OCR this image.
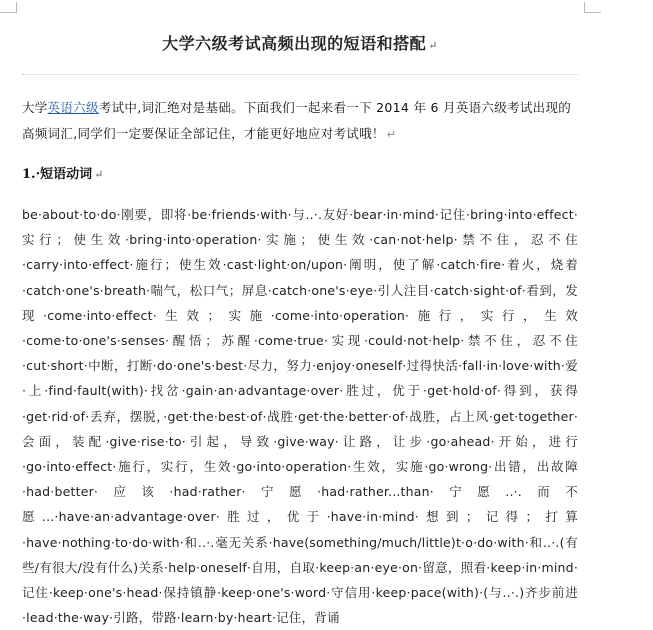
大学六级考试高频出现的短语和搭配 ↵

大学英语六级考试中,词汇绝对是基础。下面我们一起来看一下 2014 年 6 月英语六级考试出现的高频词汇,同学们一定要保证全部记住，才能更好地应对考试哦！ ↵

1.·短语动词 ↵

be·about·to·do·刚要，即将·be·friends·with·与..·.友好·bear·in·mind·记住·bring·into·effect·实行；使生效·bring·into·operation·实施；使生效·can·not·help·禁不住，忍不住·carry·into·effect·施行；使生效·cast·light·on/upon·阐明，使了解·catch·fire·着火，烧着·catch·one's·breath·喘气，松口气；屏息·catch·one's·eye·引人注目·catch·sight·of·看到，发现·come·into·effect·生效；实施·come·into·operation·施行，实行，生效·come·to·one's·senses·醒悟；苏醒·come·true·实现·could·not·help·禁不住，忍不住·cut·short·中断，打断·do·one's·best·尽力，努力·enjoy·oneself·过得快活·fall·in·love·with·爱·上·find·fault(with)·找岔·gain·an·advantage·over·胜过，优于·get·hold·of·得到，获得·get·rid·of·丢弃，摆脱，·get·the·best·of·战胜·get·the·better·of·战胜，占上风·get·together·会面，装配·give·rise·to·引起，导致·give·way·让路，让步·go·ahead·开始，进行·go·into·effect·施行，实行，生效·go·into·operation·生效，实施·go·wrong·出错，出故障·had·better·应该·had·rather·宁愿·had·rather...than·宁愿..·.而不愿...·have·an·advantage·over·胜过，优于·have·in·mind·想到；记得；打算·have·nothing·to·do·with·和..·.毫无关系·have(something/much/little)t·o·do·with·和..·.(有些/有很大/没有什么)关系·help·oneself·自用，自取·keep·an·eye·on·留意，照看·keep·in·mind·记住·keep·one's·head·保持镇静·keep·one's·word·守信用·keep·pace(with)·(与..·.)齐步前进·lead·the·way·引路，带路·learn·by·heart·记住，背诵
